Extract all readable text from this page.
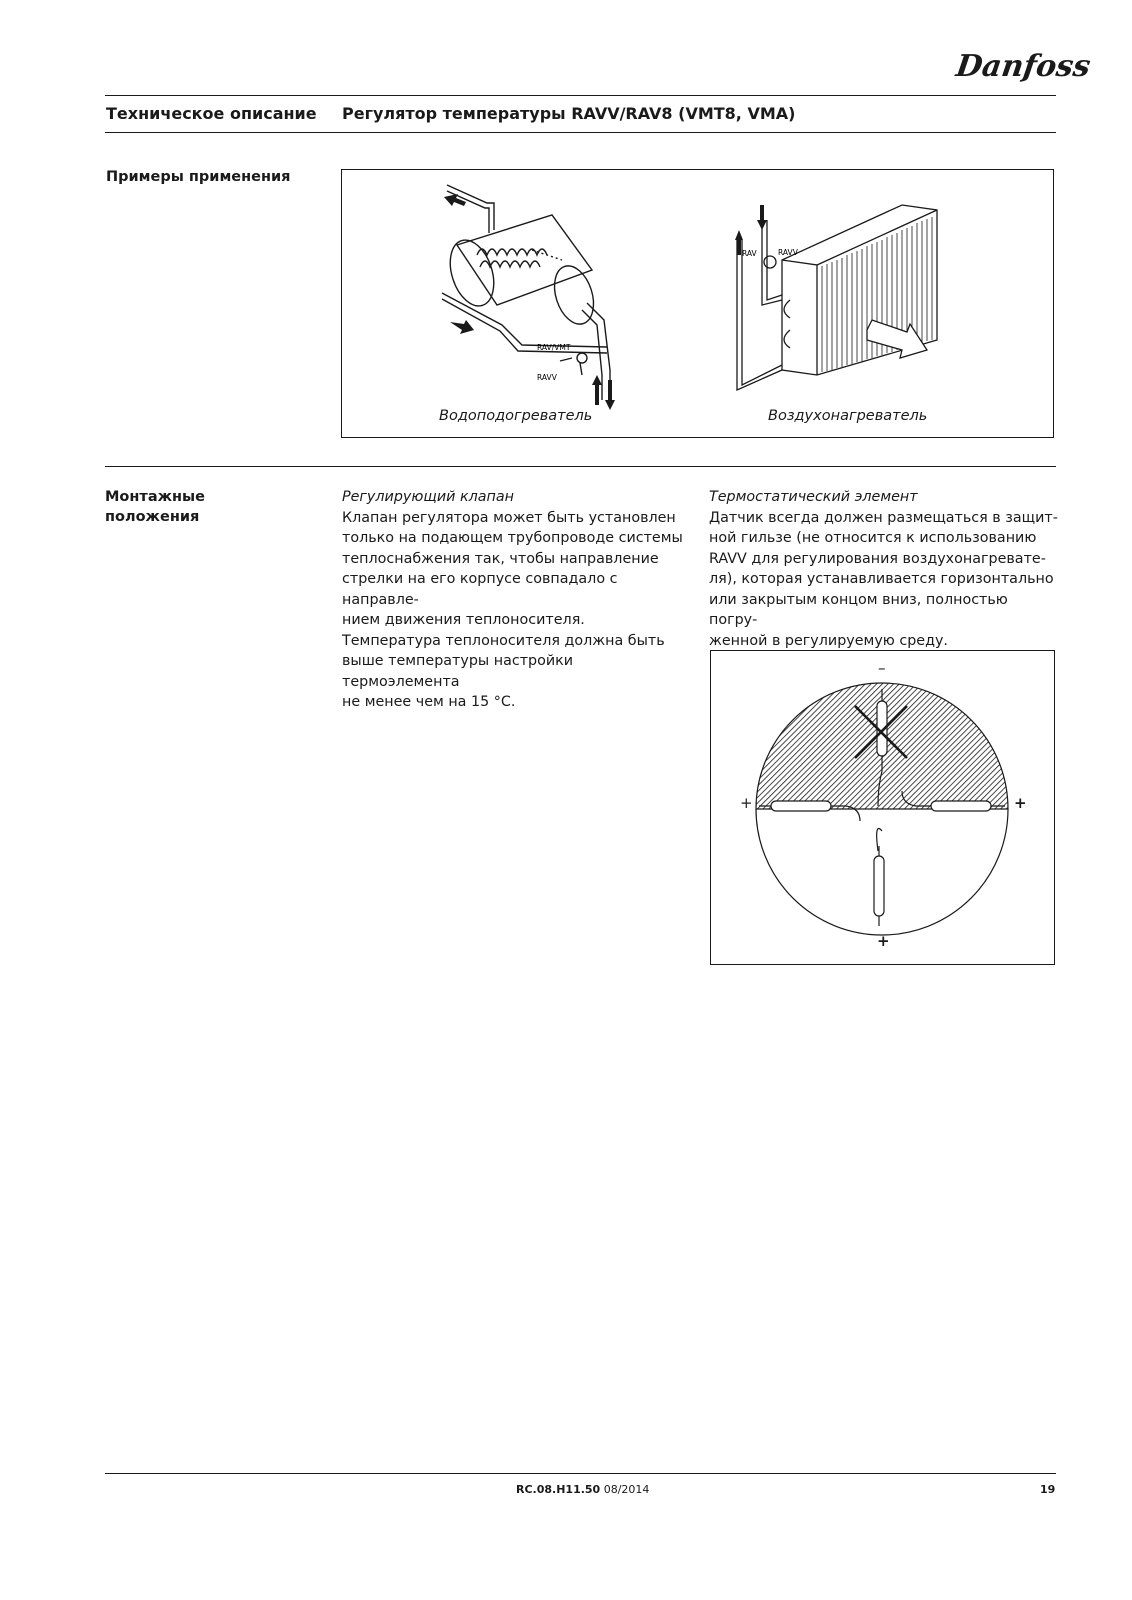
Danfoss
Техническое описание Регулятор температуры RAVV/RAV8 (VMT8, VMA)
Примеры применения
RAV/VMT
RAVV
RAV	RAVV
Водоподогреватель	Воздухонагреватель
Монтажные
положения
Регулирующий клапан
Клапан регулятора может быть установлен
только на подающем трубопроводе системы
теплоснабжения так, чтобы направление
стрелки на его корпусе совпадало с направле-
нием движения теплоносителя.
Температура теплоносителя должна быть
выше температуры настройки термоэлемента
не менее чем на 15 °C.
Термостатический элемент
Датчик всегда должен размещаться в защит-
ной гильзе (не относится к использованию
RAVV для регулирования воздухонагревате-
ля), которая устанавливается горизонтально
или закрытым концом вниз, полностью погру-
женной в регулируемую среду.
–
+	+
+
RC.08.H11.50 08/2014	19
